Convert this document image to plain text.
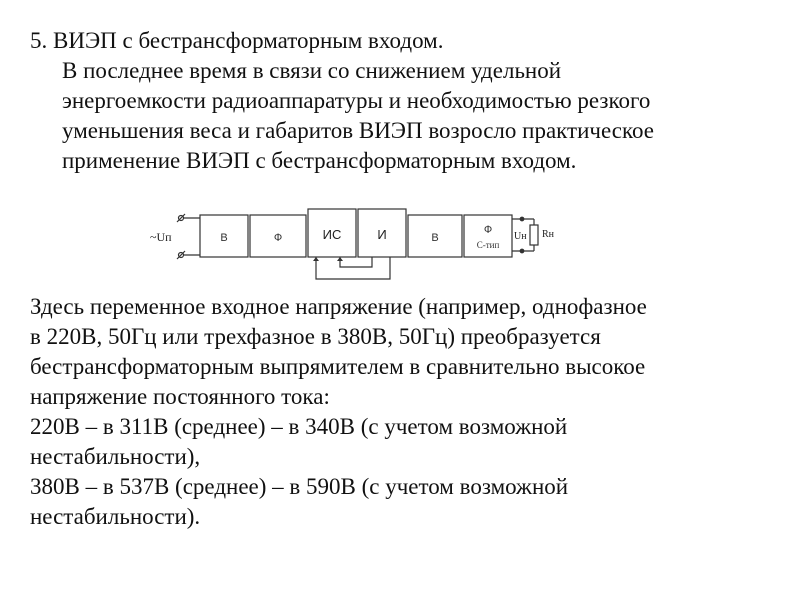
5. ВИЭП с бестрансформаторным входом.
В последнее время в связи со снижением удельной
энергоемкости радиоаппаратуры и необходимостью резкого
уменьшения веса и габаритов ВИЭП возросло практическое
применение ВИЭП с бестрансформаторным входом.
~Uп	В	Ф	ИС	И	В
Ф
С-тип
Uн Rн
Здесь переменное входное напряжение (например, однофазное
в 220В, 50Гц или трехфазное в 380В, 50Гц) преобразуется
бестрансформаторным выпрямителем в сравнительно высокое
напряжение постоянного тока:
220В – в 311В (среднее) – в 340В (с учетом возможной
нестабильности),
380В – в 537В (среднее) – в 590В (с учетом возможной
нестабильности).
